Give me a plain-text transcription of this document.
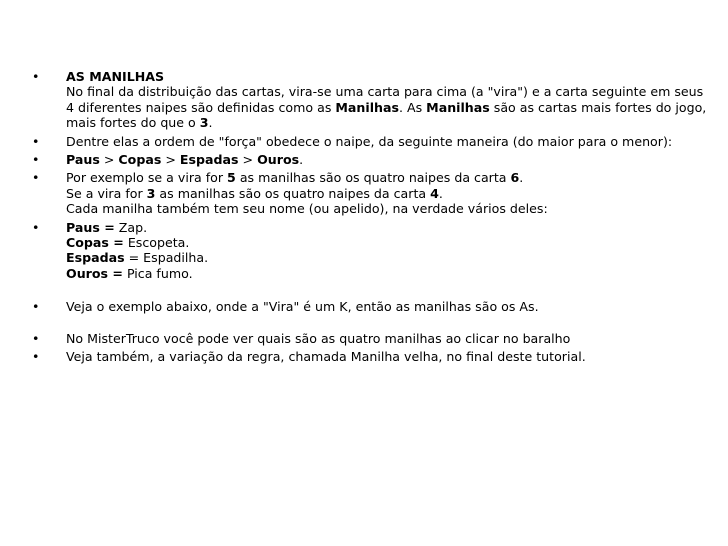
• AS MANILHAS
No final da distribuição das cartas, vira-se uma carta para cima (a "vira") e a carta seguinte em seus
4 diferentes naipes são definidas como as Manilhas. As Manilhas são as cartas mais fortes do jogo,
mais fortes do que o 3.
• Dentre elas a ordem de "força" obedece o naipe, da seguinte maneira (do maior para o menor):
• Paus > Copas > Espadas > Ouros.
• Por exemplo se a vira for 5 as manilhas são os quatro naipes da carta 6.
Se a vira for 3 as manilhas são os quatro naipes da carta 4.
Cada manilha também tem seu nome (ou apelido), na verdade vários deles:
• Paus = Zap.
Copas = Escopeta.
Espadas = Espadilha.
Ouros = Pica fumo.
• Veja o exemplo abaixo, onde a "Vira" é um K, então as manilhas são os As.
• No MisterTruco você pode ver quais são as quatro manilhas ao clicar no baralho
• Veja também, a variação da regra, chamada Manilha velha, no final deste tutorial.
